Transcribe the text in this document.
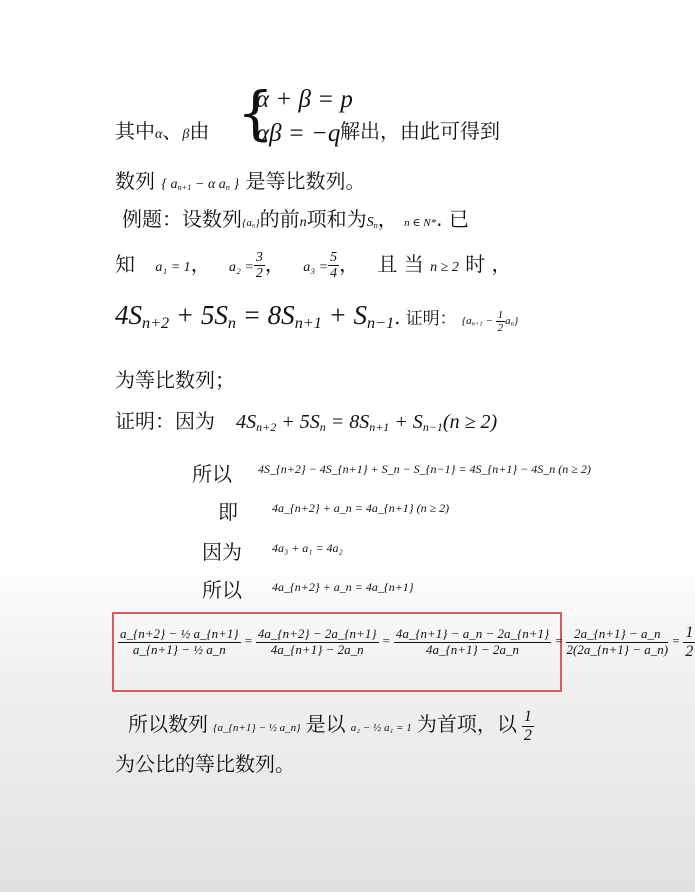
其中α、β由 {
α + β = p
αβ = −q 解出，由此可得到
数列 { $a_{n+1} - \alpha$ $a_n$ } 是等比数列。
例题：设数列$\{a_n\}$的前n项和为$S_n$， n ∈ N*. 已
知 a₁ = 1， $a_2 = \frac{3}{2}$ ， $a_3 = \frac{5}{4}$ ， 且 当 n ≥ 2 时 ，
$4S_{n+2} + 5S_n = 8S_{n+1} + S_{n-1}$. 证明： $\{a_{n+1} - \frac{1}{2} a_n\}$
为等比数列；
证明：因为 $4S_{n+2} + 5S_n = 8S_{n+1} + S_{n-1}(n \ge 2)$
所以 4S_{n+2} − 4S_{n+1} + S_n − S_{n−1} = 4S_{n+1} − 4S_n (n ≥ 2)
即	4a_{n+2} + a_n = 4a_{n+1} (n ≥ 2)
因为	4a₃ + a₁ = 4a₂
所以	4a_{n+2} + a_n = 4a_{n+1}
$\frac{\text{a\_\{n+2\} − ½ a\_\{n+1\}}}{\text{a\_\{n+1\} − ½ a\_n}} = \frac{4a\_\{n+2\} - 2a\_\{n+1\}}{4a\_\{n+1\} - 2a\_n} = \frac{4a\_\{n+1\} - a\_n - 2a\_\{n+1\}}{4a\_\{n+1\} - 2a\_n} = \frac{2a\_\{n+1\} - a\_n}{2(2a\_\{n+1\} - a\_n)} = \frac{1}{2}$
所以数列 {a_{n+1} − ½ a_n} 是以 a₂ − ½ a₁ = 1 为首项，以 $\frac{1}{2}$
为公比的等比数列。
